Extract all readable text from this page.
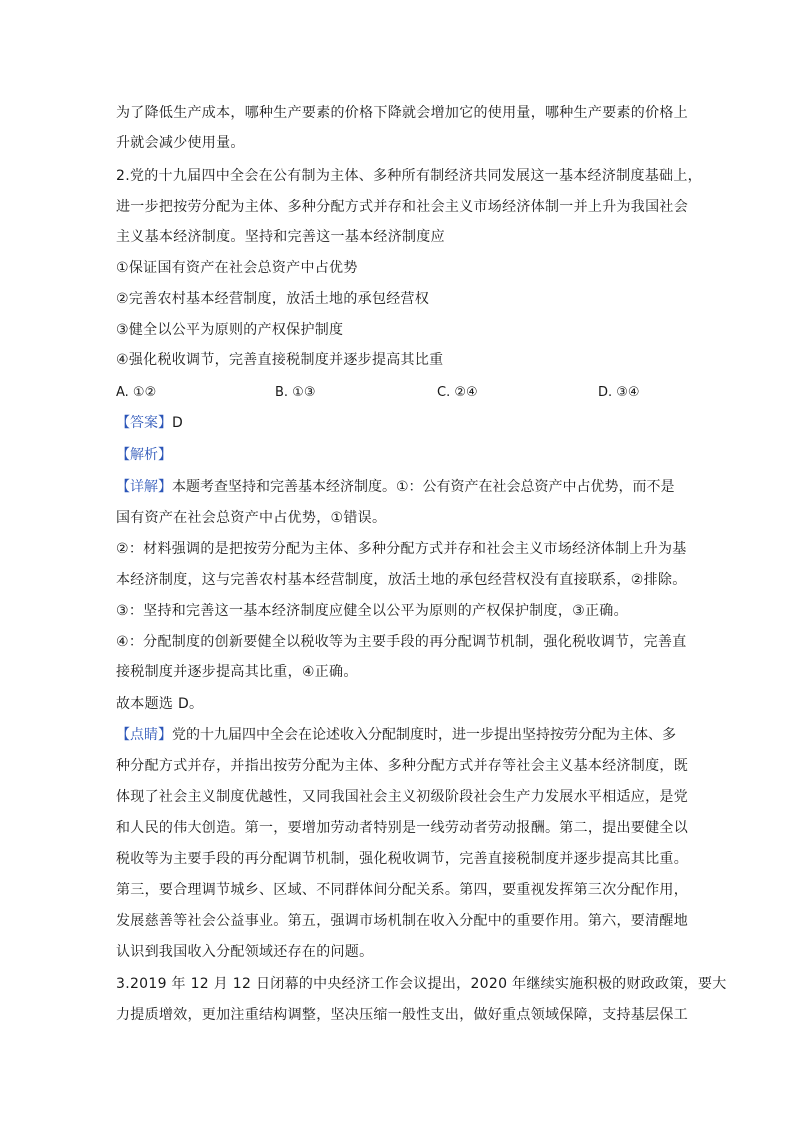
为了降低生产成本，哪种生产要素的价格下降就会增加它的使用量，哪种生产要素的价格上
升就会减少使用量。
2.党的十九届四中全会在公有制为主体、多种所有制经济共同发展这一基本经济制度基础上，
进一步把按劳分配为主体、多种分配方式并存和社会主义市场经济体制一并上升为我国社会
主义基本经济制度。坚持和完善这一基本经济制度应
①保证国有资产在社会总资产中占优势
②完善农村基本经营制度，放活土地的承包经营权
③健全以公平为原则的产权保护制度
④强化税收调节，完善直接税制度并逐步提高其比重
A. ①②	B. ①③	C. ②④	D. ③④
【答案】D
【解析】
【详解】本题考查坚持和完善基本经济制度。①：公有资产在社会总资产中占优势，而不是
国有资产在社会总资产中占优势，①错误。
②：材料强调的是把按劳分配为主体、多种分配方式并存和社会主义市场经济体制上升为基
本经济制度，这与完善农村基本经营制度，放活土地的承包经营权没有直接联系，②排除。
③：坚持和完善这一基本经济制度应健全以公平为原则的产权保护制度，③正确。
④：分配制度的创新要健全以税收等为主要手段的再分配调节机制，强化税收调节，完善直
接税制度并逐步提高其比重，④正确。
故本题选 D。
【点睛】党的十九届四中全会在论述收入分配制度时，进一步提出坚持按劳分配为主体、多
种分配方式并存，并指出按劳分配为主体、多种分配方式并存等社会主义基本经济制度，既
体现了社会主义制度优越性，又同我国社会主义初级阶段社会生产力发展水平相适应，是党
和人民的伟大创造。第一，要增加劳动者特别是一线劳动者劳动报酬。第二，提出要健全以
税收等为主要手段的再分配调节机制，强化税收调节，完善直接税制度并逐步提高其比重。
第三，要合理调节城乡、区域、不同群体间分配关系。第四，要重视发挥第三次分配作用，
发展慈善等社会公益事业。第五，强调市场机制在收入分配中的重要作用。第六，要清醒地
认识到我国收入分配领域还存在的问题。
3.2019 年 12 月 12 日闭幕的中央经济工作会议提出，2020 年继续实施积极的财政政策，要大
力提质增效，更加注重结构调整，坚决压缩一般性支出，做好重点领域保障，支持基层保工
